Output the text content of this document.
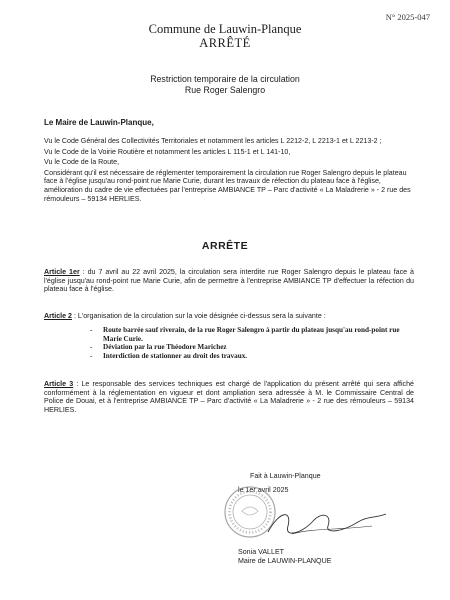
N° 2025-047
Commune de Lauwin-Planque
ARRÊTÉ
Restriction temporaire de la circulation
Rue Roger Salengro
Le Maire de Lauwin-Planque,

Vu le Code Général des Collectivités Territoriales et notamment les articles L 2212-2, L 2213-1 et L 2213-2 ;

Vu le Code de la Voirie Routière et notamment les articles L 115-1 et L 141-10,

Vu le Code de la Route,

Considérant qu'il est nécessaire de réglementer temporairement la circulation rue Roger Salengro depuis le plateau face à l'église jusqu'au rond-point rue Marie Curie, durant les travaux de réfection du plateau face à l'église, amélioration du cadre de vie effectuées par l'entreprise AMBIANCE TP – Parc d'activité « La Maladrerie » - 2 rue des rémouleurs – 59134 HERLIES.

ARRÊTE
Article 1er : du 7 avril au 22 avril 2025, la circulation sera interdite rue Roger Salengro depuis le plateau face à l'église jusqu'au rond-point rue Marie Curie, afin de permettre à l'entreprise AMBIANCE TP d'effectuer la réfection du plateau face à l'église.
Article 2 : L'organisation de la circulation sur la voie désignée ci-dessus sera la suivante :
- Route barrée sauf riverain, de la rue Roger Salengro à partir du plateau jusqu'au rond-point rue Marie Curie.
- Déviation par la rue Théodore Marichez
- Interdiction de stationner au droit des travaux.
Article 3 : Le responsable des services techniques est chargé de l'application du présent arrêté qui sera affiché conformément à la réglementation en vigueur et dont ampliation sera adressée à M. le Commissaire Central de Police de Douai, et à l'entreprise AMBIANCE TP – Parc d'activité « La Maladrerie » - 2 rue des rémouleurs – 59134 HERLIES.
Fait à Lauwin-Planque
le 1er avril 2025
Sonia VALLET
Maire de LAUWIN-PLANQUE
